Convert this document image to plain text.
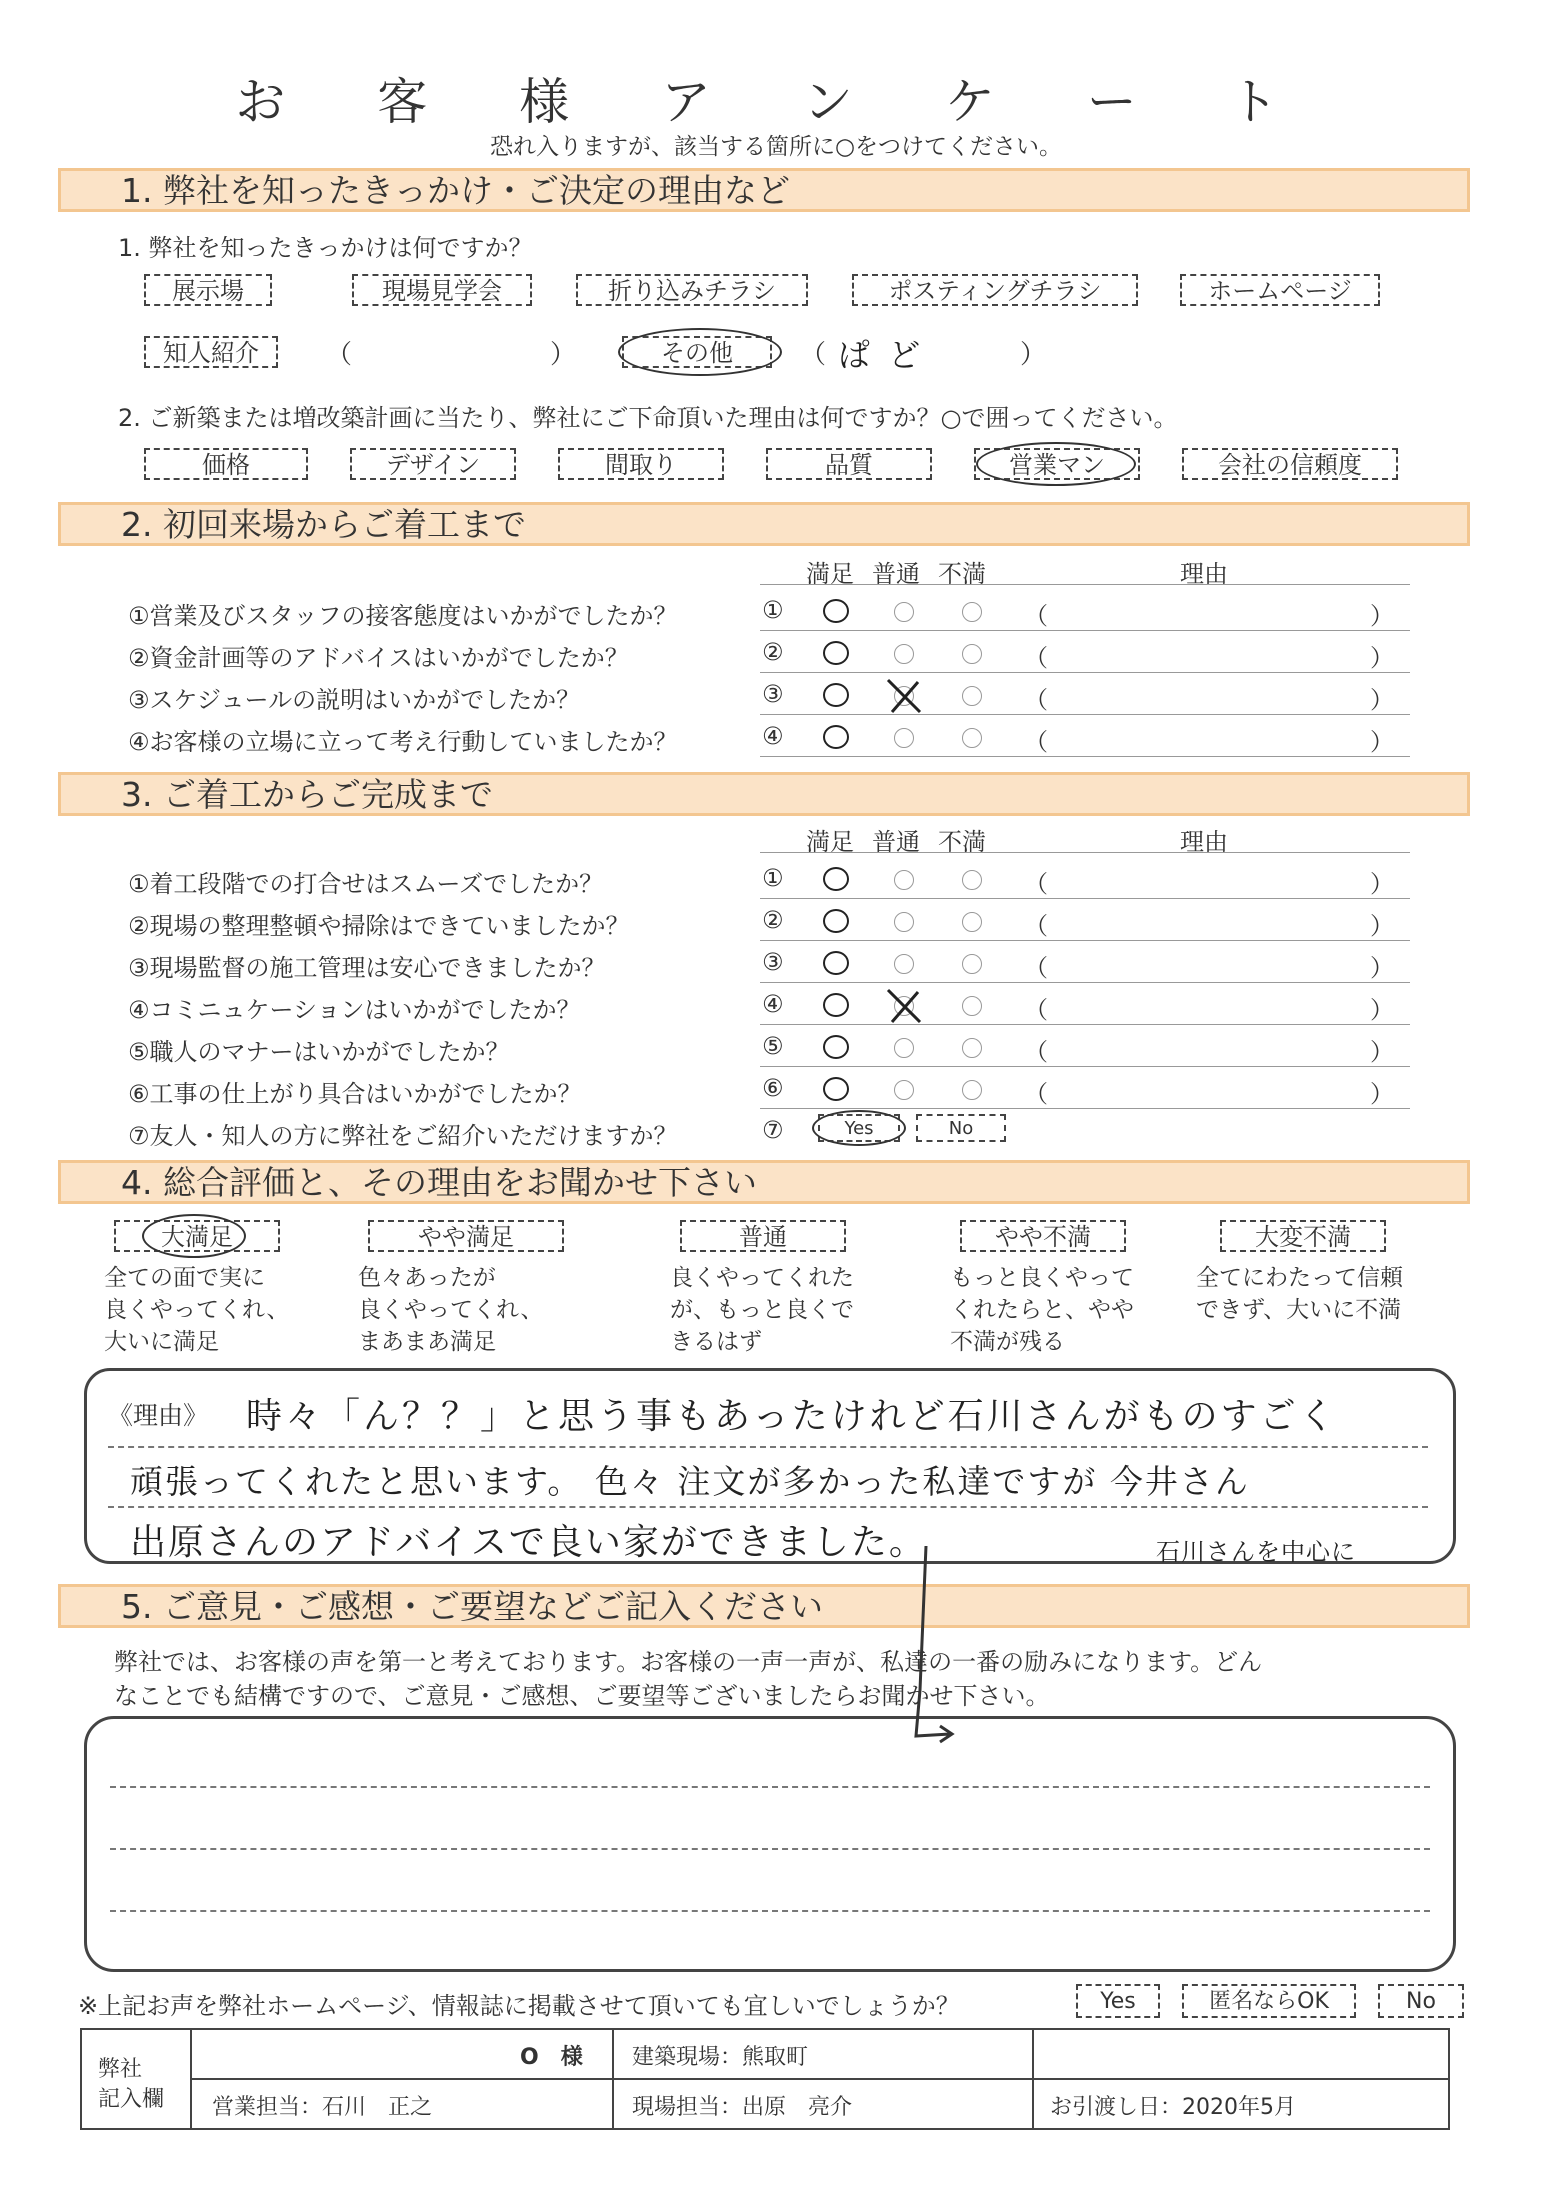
お 客 様 ア ン ケ ー ト
恐れ入りますが、該当する箇所に○をつけてください。
1. 弊社を知ったきっかけ・ご決定の理由など
1. 弊社を知ったきっかけは何ですか？
展示場	現場見学会	折り込みチラシ	ポスティングチラシ	ホームページ
知人紹介	（	）	その他	（ ぱ ど	）
2. ご新築または増改築計画に当たり、弊社にご下命頂いた理由は何ですか？○で囲ってください。
価格	デザイン	間取り	品質	営業マン	会社の信頼度
2. 初回来場からご着工まで
満足 普通 不満	理由
①営業及びスタッフの接客態度はいかがでしたか？	①	（	）
②資金計画等のアドバイスはいかがでしたか？	②	（	）
③スケジュールの説明はいかがでしたか？	③	（	）
④お客様の立場に立って考え行動していましたか？	④	（	）
3. ご着工からご完成まで
満足 普通 不満	理由
①着工段階での打合せはスムーズでしたか？	①	（	）
②現場の整理整頓や掃除はできていましたか？	②	（	）
③現場監督の施工管理は安心できましたか？	③	（	）
④コミニュケーションはいかがでしたか？	④	（	）
⑤職人のマナーはいかがでしたか？	⑤	（	）
⑥工事の仕上がり具合はいかがでしたか？	⑥	（	）
⑦友人・知人の方に弊社をご紹介いただけますか？	⑦	Yes	No
4. 総合評価と、その理由をお聞かせ下さい
大満足
全ての面で実に
良くやってくれ、
大いに満足
やや満足
色々あったが
良くやってくれ、
まあまあ満足
普通
良くやってくれた
が、もっと良くで
きるはず
やや不満
もっと良くやって
くれたらと、やや
不満が残る
大変不満
全てにわたって信頼
できず、大いに不満
《理由》 時々「ん？？」と思う事もあったけれど石川さんがものすごく
頑張ってくれたと思います。 色々 注文が多かった私達ですが 今井さん
出原さんのアドバイスで良い家ができました。	石川さんを中心に
5. ご意見・ご感想・ご要望などご記入ください
弊社では、お客様の声を第一と考えております。お客様の一声一声が、私達の一番の励みになります。どん
なことでも結構ですので、ご意見・ご感想、ご要望等ございましたらお聞かせ下さい。
※上記お声を弊社ホームページ、情報誌に掲載させて頂いても宜しいでしょうか？	Yes	匿名ならOK	No
弊社
記入欄
O　様 建築現場：熊取町
営業担当：石川　正之	現場担当：出原　亮介	お引渡し日：2020年5月
